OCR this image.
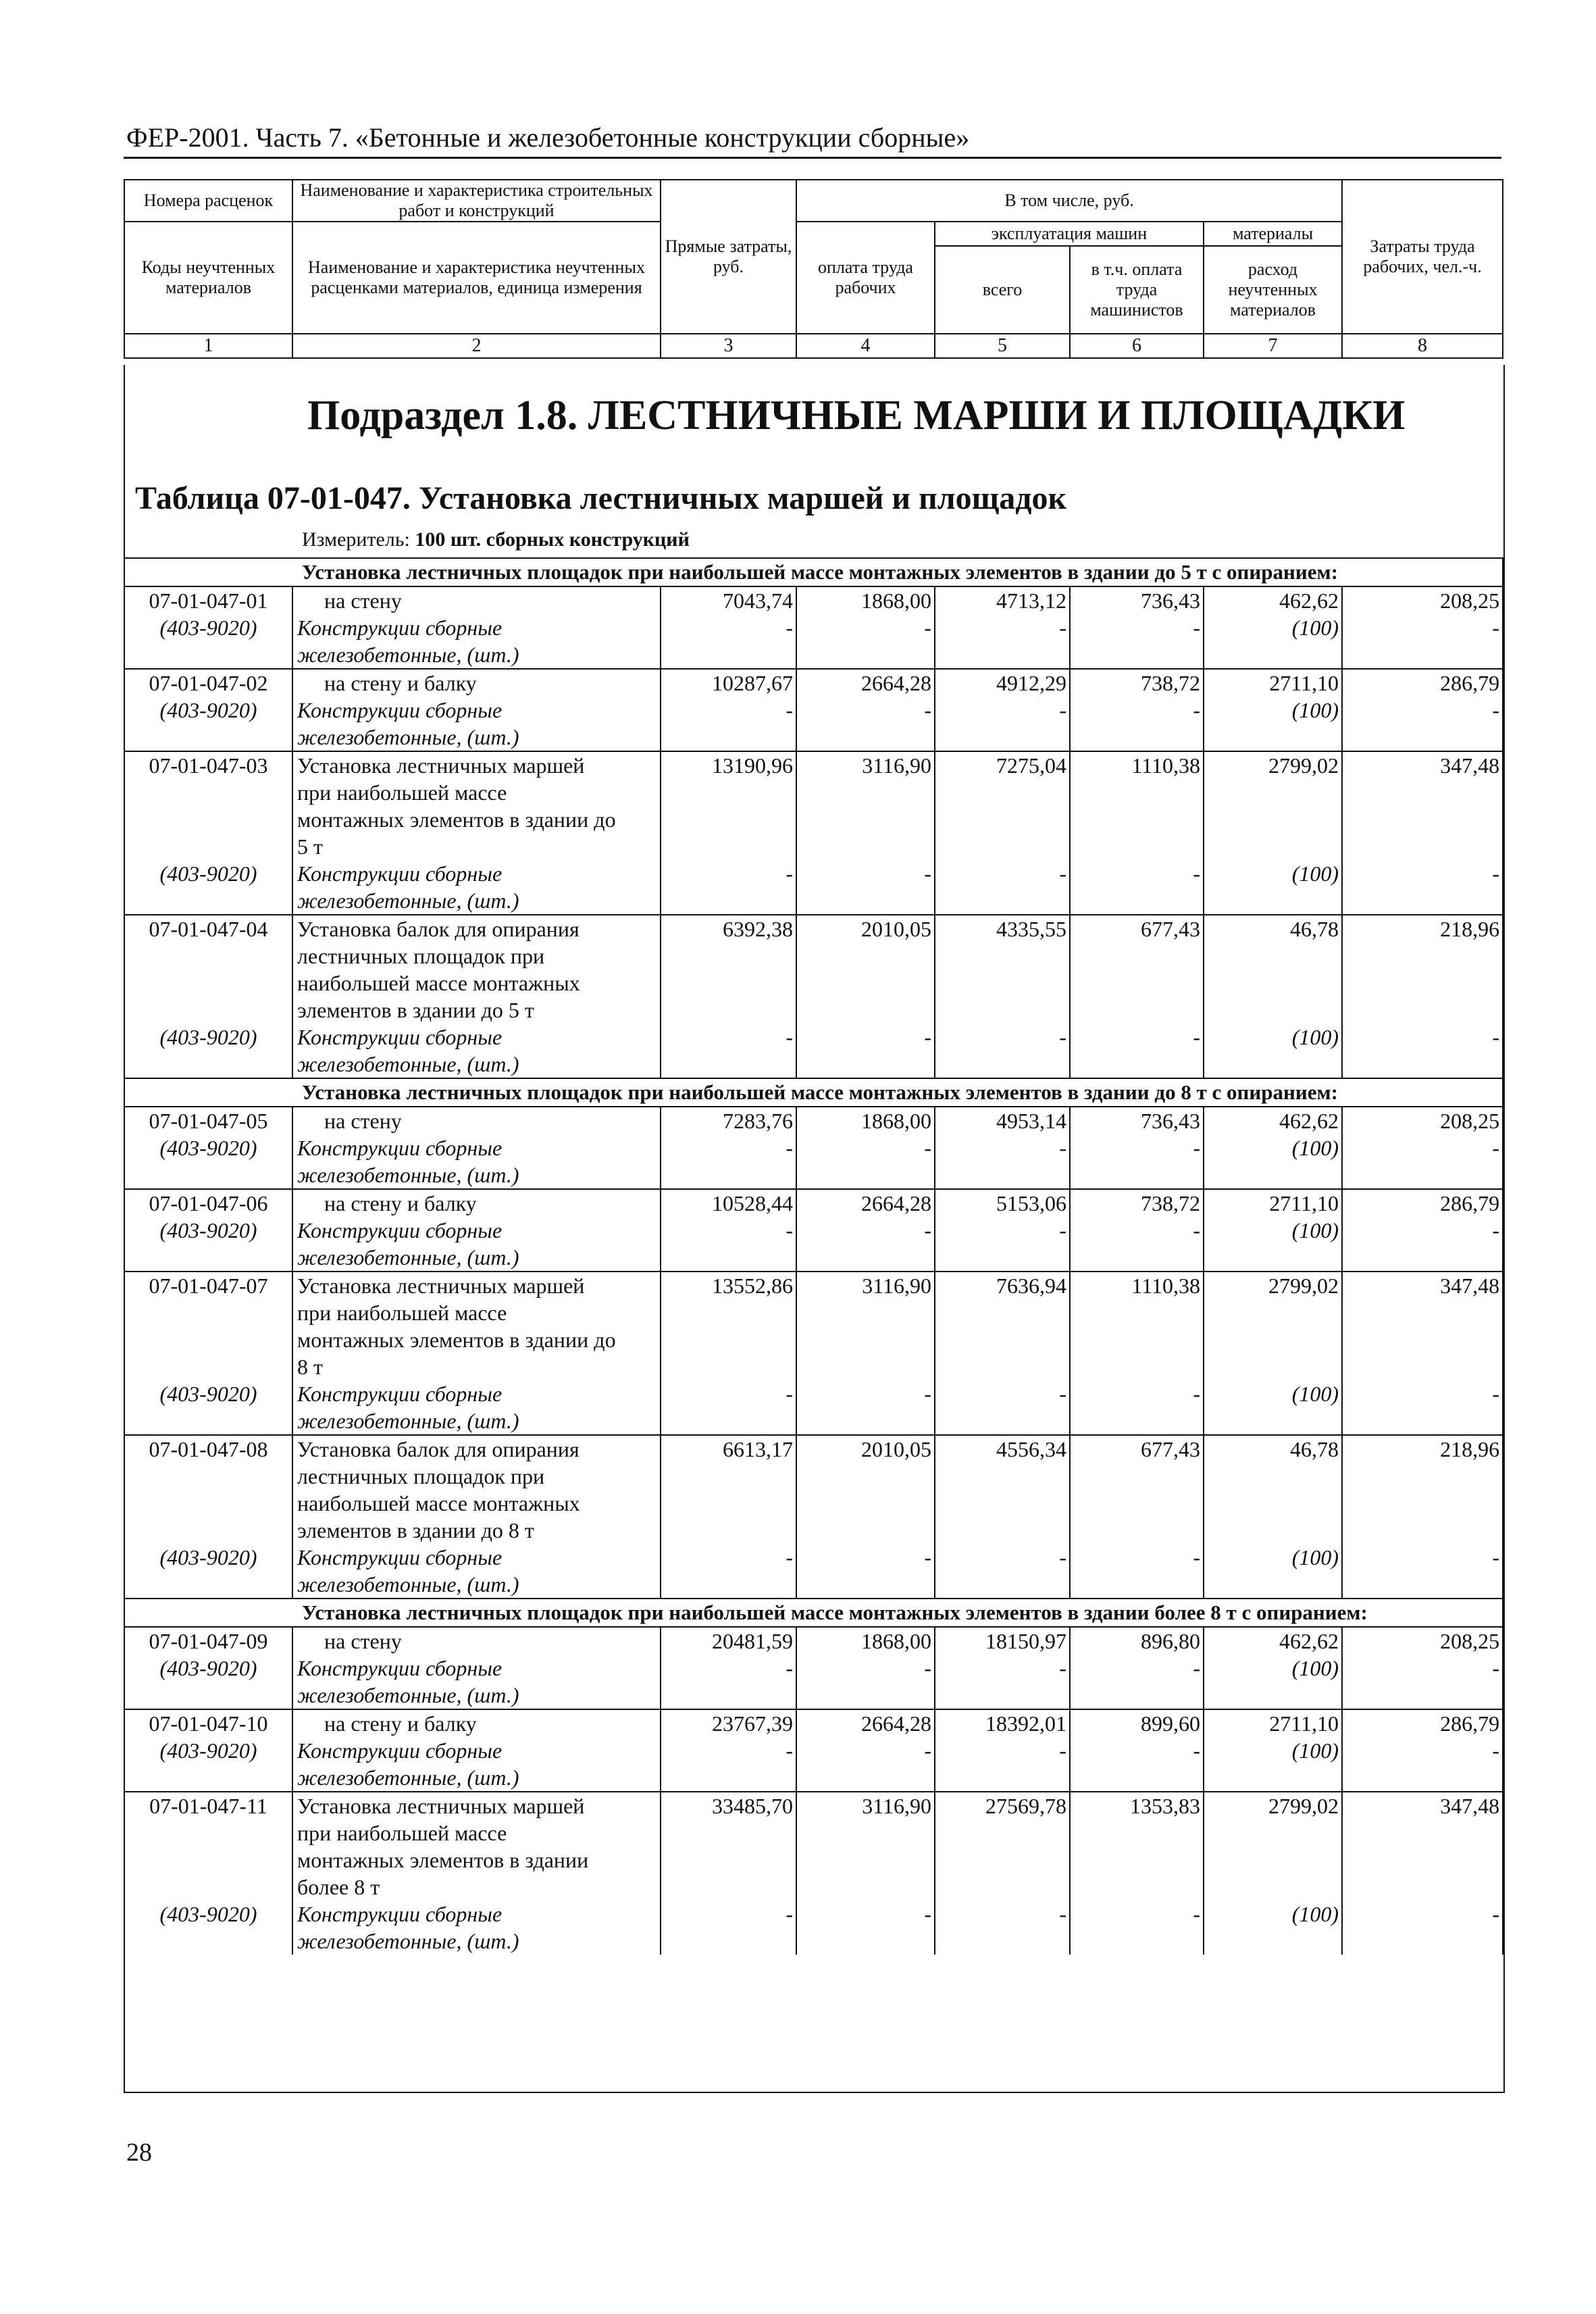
ФЕР-2001. Часть 7. «Бетонные и железобетонные конструкции сборные»
Номера расценок	Наименование и характеристика строительных работ и конструкций	Прямые затраты, руб.	В том числе, руб.				Затраты труда рабочих, чел.-ч.
Коды неучтенных материалов	Наименование и характеристика неучтенных расценками материалов, единица измерения		оплата труда рабочих	эксплуатация машин		материалы	
				всего	в т.ч. оплата труда машинистов	расход неучтенных материалов	
1	2	3	4	5	6	7	8
Подраздел 1.8. ЛЕСТНИЧНЫЕ МАРШИ И ПЛОЩАДКИ
Таблица 07-01-047. Установка лестничных маршей и площадок
Измеритель: 100 шт. сборных конструкций
Установка лестничных площадок при наибольшей массе монтажных элементов в здании до 5 т с опиранием:							
07-01-047-01	на стену	7043,74	1868,00	4713,12	736,43	462,62	208,25
(403-9020)	Конструкции сборные
железобетонные, (шт.)	-	-	-	-	(100)	-
07-01-047-02	на стену и балку	10287,67	2664,28	4912,29	738,72	2711,10	286,79
(403-9020)	Конструкции сборные
железобетонные, (шт.)	-	-	-	-	(100)	-
07-01-047-03	Установка лестничных маршей
при наибольшей массе
монтажных элементов в здании до
5 т	13190,96	3116,90	7275,04	1110,38	2799,02	347,48
(403-9020)	Конструкции сборные
железобетонные, (шт.)	-	-	-	-	(100)	-
07-01-047-04	Установка балок для опирания
лестничных площадок при
наибольшей массе монтажных
элементов в здании до 5 т	6392,38	2010,05	4335,55	677,43	46,78	218,96
(403-9020)	Конструкции сборные
железобетонные, (шт.)	-	-	-	-	(100)	-
Установка лестничных площадок при наибольшей массе монтажных элементов в здании до 8 т с опиранием:							
07-01-047-05	на стену	7283,76	1868,00	4953,14	736,43	462,62	208,25
(403-9020)	Конструкции сборные
железобетонные, (шт.)	-	-	-	-	(100)	-
07-01-047-06	на стену и балку	10528,44	2664,28	5153,06	738,72	2711,10	286,79
(403-9020)	Конструкции сборные
железобетонные, (шт.)	-	-	-	-	(100)	-
07-01-047-07	Установка лестничных маршей
при наибольшей массе
монтажных элементов в здании до
8 т	13552,86	3116,90	7636,94	1110,38	2799,02	347,48
(403-9020)	Конструкции сборные
железобетонные, (шт.)	-	-	-	-	(100)	-
07-01-047-08	Установка балок для опирания
лестничных площадок при
наибольшей массе монтажных
элементов в здании до 8 т	6613,17	2010,05	4556,34	677,43	46,78	218,96
(403-9020)	Конструкции сборные
железобетонные, (шт.)	-	-	-	-	(100)	-
Установка лестничных площадок при наибольшей массе монтажных элементов в здании более 8 т с опиранием:							
07-01-047-09	на стену	20481,59	1868,00	18150,97	896,80	462,62	208,25
(403-9020)	Конструкции сборные
железобетонные, (шт.)	-	-	-	-	(100)	-
07-01-047-10	на стену и балку	23767,39	2664,28	18392,01	899,60	2711,10	286,79
(403-9020)	Конструкции сборные
железобетонные, (шт.)	-	-	-	-	(100)	-
07-01-047-11	Установка лестничных маршей
при наибольшей массе
монтажных элементов в здании
более 8 т	33485,70	3116,90	27569,78	1353,83	2799,02	347,48
(403-9020)	Конструкции сборные
железобетонные, (шт.)	-	-	-	-	(100)	-
28
